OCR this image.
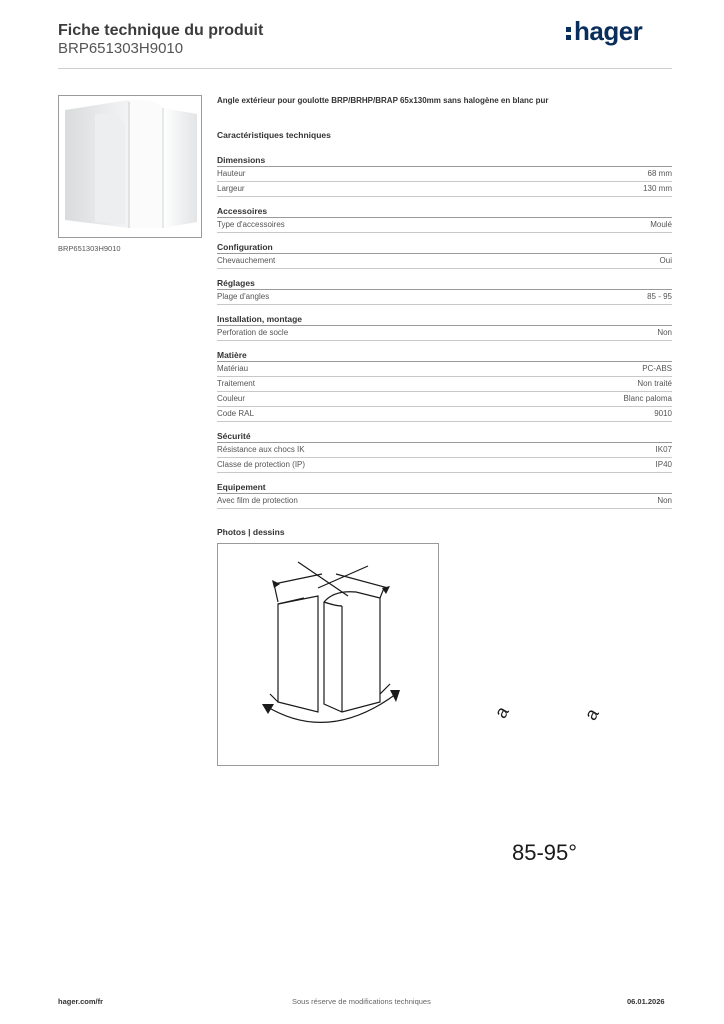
Fiche technique du produit
BRP651303H9010
hager
BRP651303H9010
Angle extérieur pour goulotte BRP/BRHP/BRAP 65x130mm sans halogène en blanc pur
Caractéristiques techniques
Dimensions
Hauteur	68 mm
Largeur	130 mm
Accessoires
Type d'accessoires	Moulé
Configuration
Chevauchement	Oui
Réglages
Plage d'angles	85 - 95
Installation, montage
Perforation de socle	Non
Matière
Matériau	PC-ABS
Traitement	Non traité
Couleur	Blanc paloma
Code RAL	9010
Sécurité
Résistance aux chocs IK	IK07
Classe de protection (IP)	IP40
Equipement
Avec film de protection	Non
Photos | dessins
a	a
85-95°
hager.com/fr	Sous réserve de modifications techniques	06.01.2026
